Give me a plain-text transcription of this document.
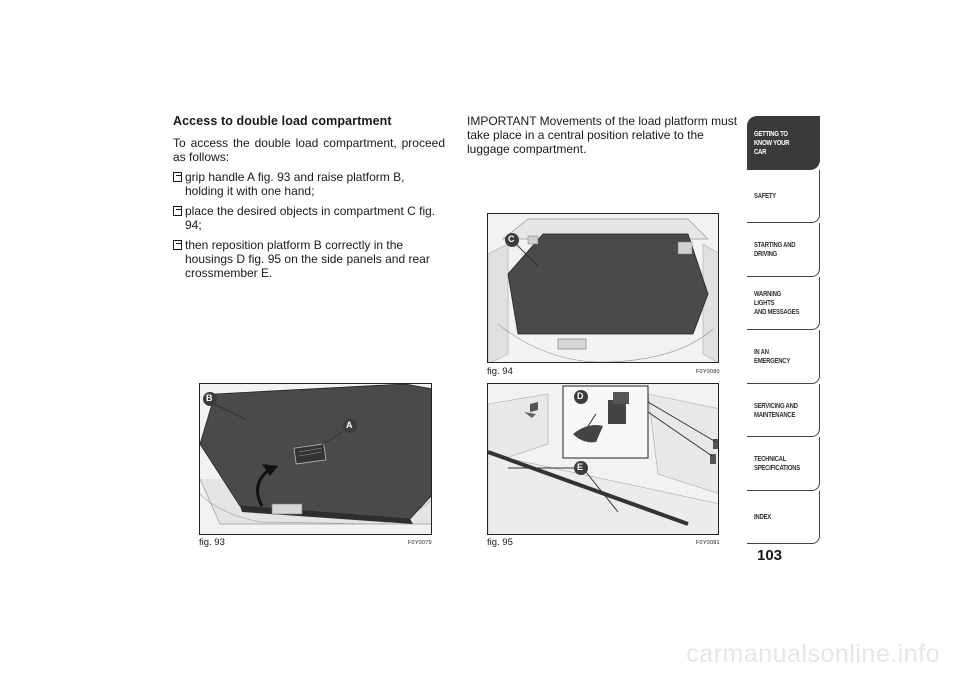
Access to double load compartment

To access the double load compartment, proceed as follows:

grip handle A fig. 93 and raise platform B, holding it with one hand;
place the desired objects in compartment C fig. 94;
then reposition platform B correctly in the housings D fig. 95 on the side panels and rear crossmember E.

IMPORTANT Movements of the load platform must take place in a central position relative to the luggage compartment.

B
A
fig. 93	F0Y0079
C
fig. 94	F0Y0080
D
E
fig. 95	F0Y0081
GETTING TO
KNOW YOUR CAR
SAFETY
STARTING AND
DRIVING
WARNING LIGHTS
AND MESSAGES
IN AN EMERGENCY
SERVICING AND
MAINTENANCE
TECHNICAL
SPECIFICATIONS
INDEX
103
carmanualsonline.info
